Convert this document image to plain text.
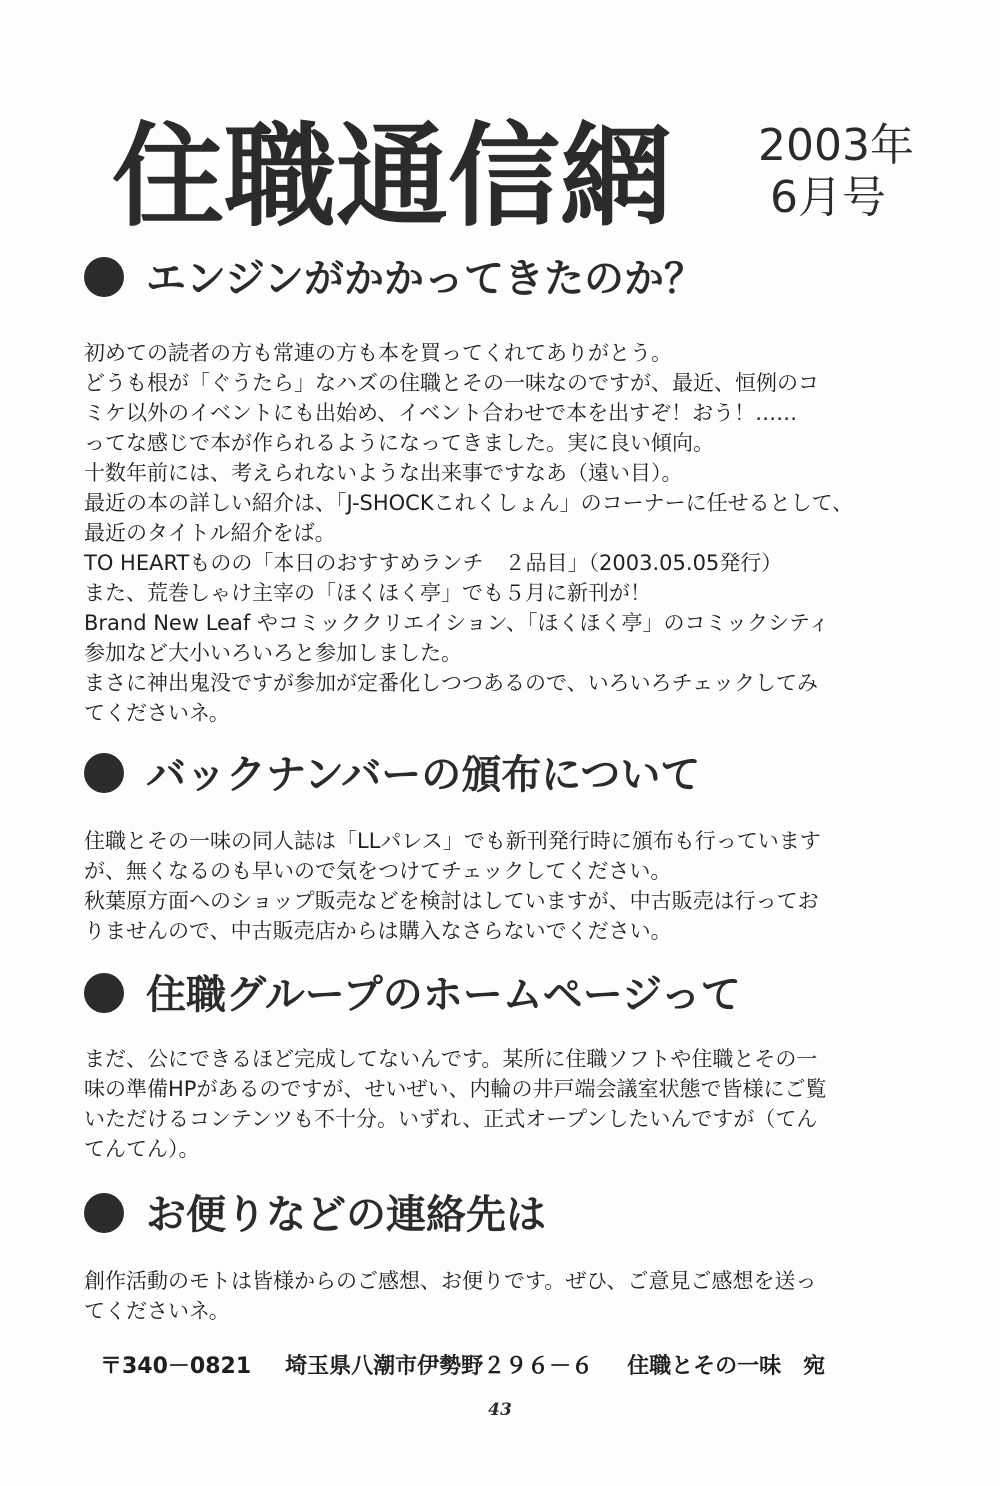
住職通信網 2003年
6月号
エンジンがかかってきたのか？

初めての読者の方も常連の方も本を買ってくれてありがとう。

どうも根が「ぐうたら」なハズの住職とその一味なのですが、最近、恒例のコ

ミケ以外のイベントにも出始め、イベント合わせで本を出すぞ！おう！……

ってな感じで本が作られるようになってきました。実に良い傾向。

十数年前には、考えられないような出来事ですなあ（遠い目）。

最近の本の詳しい紹介は、「J-SHOCKこれくしょん」のコーナーに任せるとして、

最近のタイトル紹介をば。

TO HEARTものの「本日のおすすめランチ　２品目」（2003.05.05発行）

また、荒巻しゃけ主宰の「ほくほく亭」でも５月に新刊が！

Brand New Leaf やコミッククリエイション、「ほくほく亭」のコミックシティ

参加など大小いろいろと参加しました。

まさに神出鬼没ですが参加が定番化しつつあるので、いろいろチェックしてみ

てくださいネ。

バックナンバーの頒布について

住職とその一味の同人誌は「LLパレス」でも新刊発行時に頒布も行っています

が、無くなるのも早いので気をつけてチェックしてください。

秋葉原方面へのショップ販売などを検討はしていますが、中古販売は行ってお

りませんので、中古販売店からは購入なさらないでください。

住職グループのホームページって

まだ、公にできるほど完成してないんです。某所に住職ソフトや住職とその一

味の準備HPがあるのですが、せいぜい、内輪の井戸端会議室状態で皆様にご覧

いただけるコンテンツも不十分。いずれ、正式オープンしたいんですが（てん

てんてん）。

お便りなどの連絡先は

創作活動のモトは皆様からのご感想、お便りです。ぜひ、ご意見ご感想を送っ

てくださいネ。

〒340－0821 埼玉県八潮市伊勢野２９６－６ 住職とその一味　宛
43
